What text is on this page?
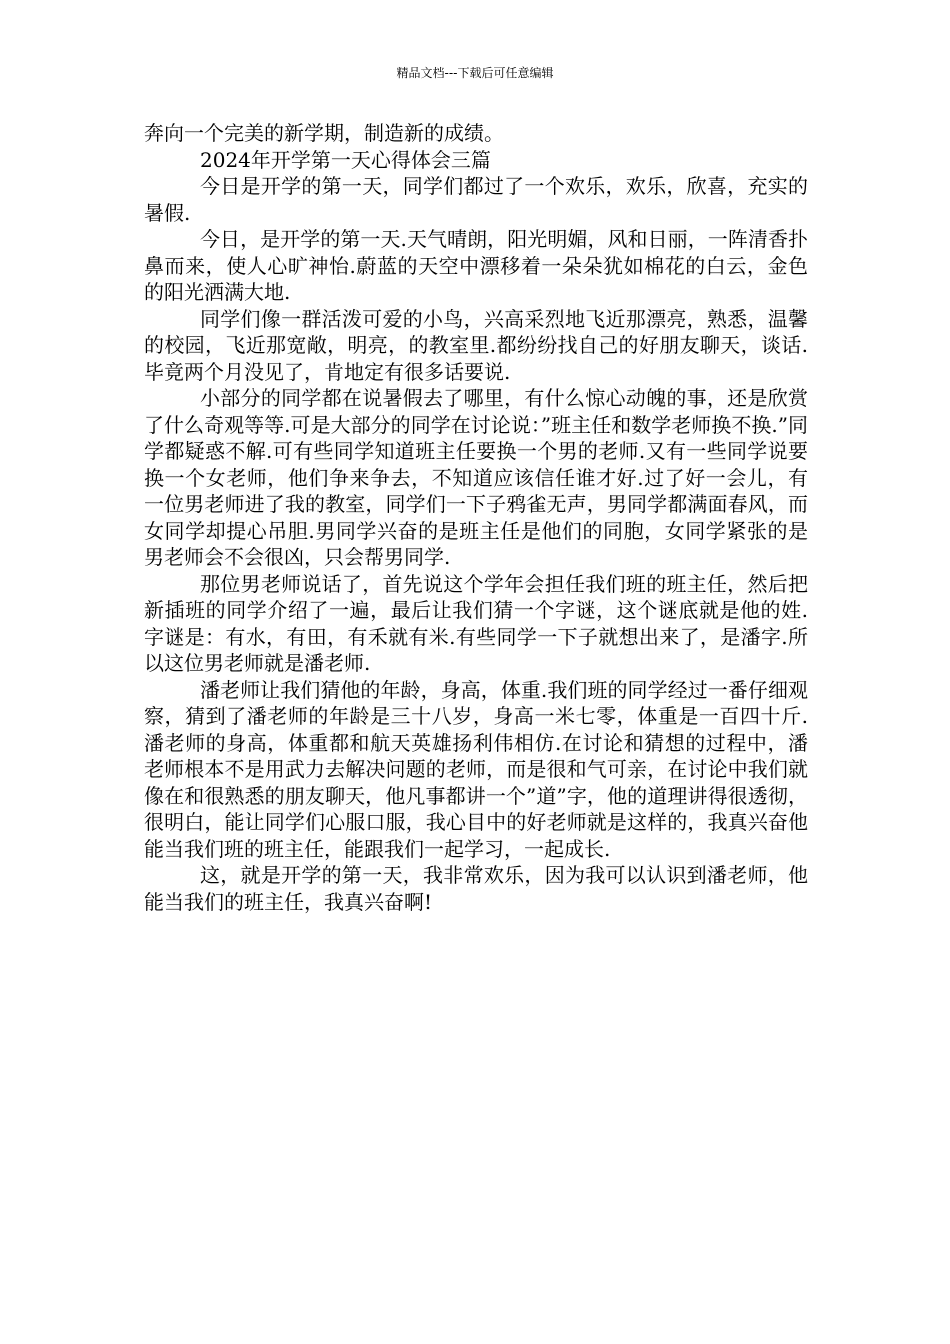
精品文档---下载后可任意编辑

奔向一个完美的新学期，制造新的成绩。

2024年开学第一天心得体会三篇

今日是开学的第一天，同学们都过了一个欢乐，欢乐，欣喜，充实的暑假.

今日，是开学的第一天.天气晴朗，阳光明媚，风和日丽，一阵清香扑鼻而来，使人心旷神怡.蔚蓝的天空中漂移着一朵朵犹如棉花的白云，金色的阳光洒满大地.

同学们像一群活泼可爱的小鸟，兴高采烈地飞近那漂亮，熟悉，温馨的校园，飞近那宽敞，明亮，的教室里.都纷纷找自己的好朋友聊天，谈话.毕竟两个月没见了，肯地定有很多话要说.

小部分的同学都在说暑假去了哪里，有什么惊心动魄的事，还是欣赏了什么奇观等等.可是大部分的同学在讨论说：”班主任和数学老师换不换.”同学都疑惑不解.可有些同学知道班主任要换一个男的老师.又有一些同学说要换一个女老师，他们争来争去，不知道应该信任谁才好.过了好一会儿，有一位男老师进了我的教室，同学们一下子鸦雀无声，男同学都满面春风，而女同学却提心吊胆.男同学兴奋的是班主任是他们的同胞，女同学紧张的是男老师会不会很凶，只会帮男同学.

那位男老师说话了，首先说这个学年会担任我们班的班主任，然后把新插班的同学介绍了一遍，最后让我们猜一个字谜，这个谜底就是他的姓.字谜是：有水，有田，有禾就有米.有些同学一下子就想出来了，是潘字.所以这位男老师就是潘老师.

潘老师让我们猜他的年龄，身高，体重.我们班的同学经过一番仔细观察，猜到了潘老师的年龄是三十八岁，身高一米七零，体重是一百四十斤.潘老师的身高，体重都和航天英雄扬利伟相仿.在讨论和猜想的过程中，潘老师根本不是用武力去解决问题的老师，而是很和气可亲，在讨论中我们就像在和很熟悉的朋友聊天，他凡事都讲一个”道”字，他的道理讲得很透彻，很明白，能让同学们心服口服，我心目中的好老师就是这样的，我真兴奋他能当我们班的班主任，能跟我们一起学习，一起成长.

这，就是开学的第一天，我非常欢乐，因为我可以认识到潘老师，他能当我们的班主任，我真兴奋啊!
